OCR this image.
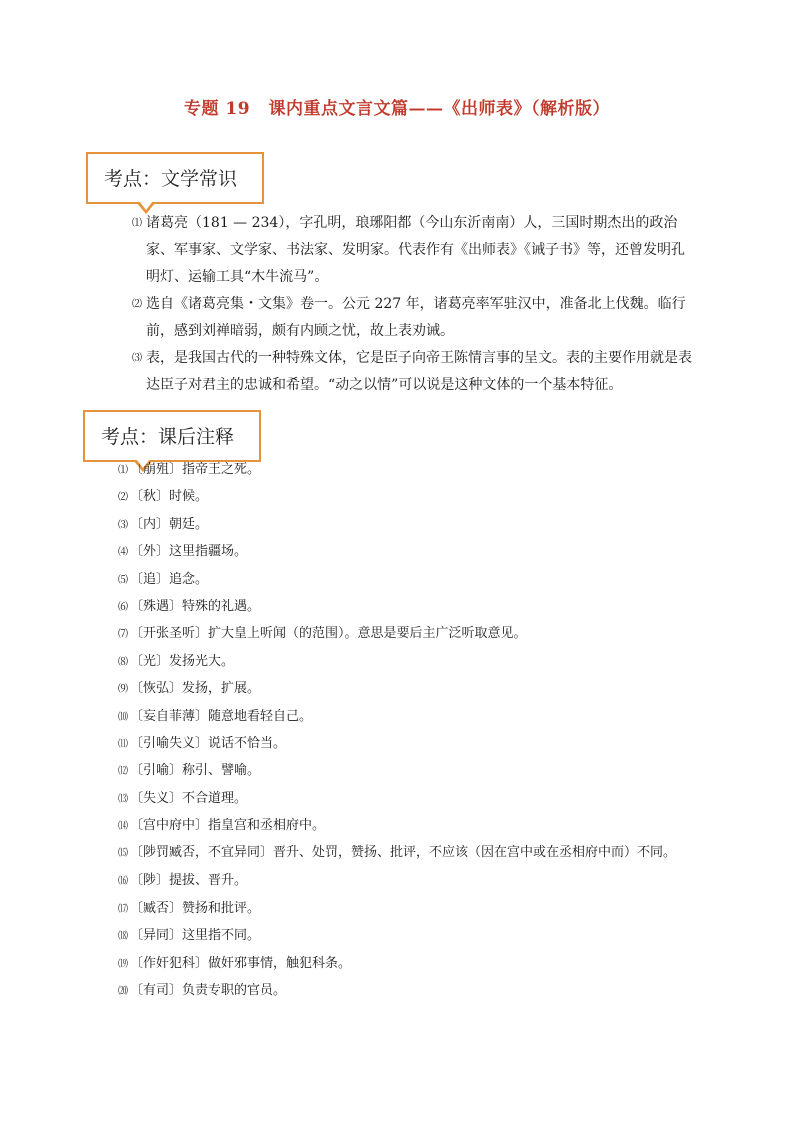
专题 19 课内重点文言文篇——《出师表》（解析版）
考点：文学常识
⑴ 诸葛亮（181 — 234），字孔明，琅琊阳都（今山东沂南南）人，三国时期杰出的政治家、军事家、文学家、书法家、发明家。代表作有《出师表》《诫子书》等，还曾发明孔明灯、运输工具“木牛流马”。
⑵ 选自《诸葛亮集・文集》卷一。公元 227 年，诸葛亮率军驻汉中，准备北上伐魏。临行前，感到刘禅暗弱，颇有内顾之忧，故上表劝诫。
⑶ 表，是我国古代的一种特殊文体，它是臣子向帝王陈情言事的呈文。表的主要作用就是表达臣子对君主的忠诚和希望。“动之以情”可以说是这种文体的一个基本特征。
考点：课后注释
⑴ 〔崩殂〕指帝王之死。
⑵ 〔秋〕时候。
⑶ 〔内〕朝廷。
⑷ 〔外〕这里指疆场。
⑸ 〔追〕追念。
⑹ 〔殊遇〕特殊的礼遇。
⑺ 〔开张圣听〕扩大皇上听闻（的范围）。意思是要后主广泛听取意见。
⑻ 〔光〕发扬光大。
⑼ 〔恢弘〕发扬，扩展。
⑽ 〔妄自菲薄〕随意地看轻自己。
⑾ 〔引喻失义〕说话不恰当。
⑿ 〔引喻〕称引、譬喻。
⒀ 〔失义〕不合道理。
⒁ 〔宫中府中〕指皇宫和丞相府中。
⒂ 〔陟罚臧否，不宜异同〕晋升、处罚，赞扬、批评，不应该（因在宫中或在丞相府中而）不同。
⒃ 〔陟〕提拔、晋升。
⒄ 〔臧否〕赞扬和批评。
⒅ 〔异同〕这里指不同。
⒆ 〔作奸犯科〕做奸邪事情，触犯科条。
⒇ 〔有司〕负责专职的官员。
